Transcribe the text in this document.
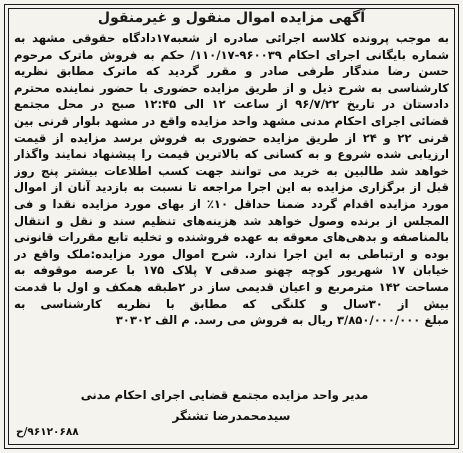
آگهی مزایده اموال منقول و غیرمنقول
به موجب پرونده کلاسه اجرائی صادره از شعبه۱۷دادگاه حقوقی مشهد به
شماره بایگانی اجرای احکام ۹۶۰۰۳۹-۱۱۰/۱۷/ حکم به فروش ماترک مرحوم
حسن رضا مندگار طرفی صادر و مقرر گردید که ماترک مطابق نظریه
کارشناسی به شرح ذیل و از طریق مزایده حضوری با حضور نماینده محترم
دادستان در تاریخ ۹۶/۷/۲۲ از ساعت ۱۲ الی ۱۲:۴۵ صبح در محل مجتمع
قضائی اجرای احکام مدنی مشهد واحد مزایده واقع در مشهد بلوار قرنی بین
قرنی ۲۲ و ۲۴ از طریق مزایده حضوری به فروش برسد مزایده از قیمت
ارزیابی شده شروع و به کسانی که بالاترین قیمت را پیشنهاد نمایند واگذار
خواهد شد طالبین به خرید می توانند جهت کسب اطلاعات بیشتر پنج روز
قبل از برگزاری مزایده به این اجرا مراجعه تا نسبت به بازدید آنان از اموال
مورد مزایده اقدام گردد ضمنا حداقل ۱۰٪ از بهای مورد مزایده نقدا و فی
المجلس از برنده وصول خواهد شد هزینه‌های تنظیم سند و نقل و انتقال
بالمناصفه و بدهی‌های معوقه به عهده فروشنده و تخلیه تابع مقررات قانونی
بوده و ارتباطی به این اجرا ندارد. شرح اموال مورد مزایده:ملک واقع در
خیابان ۱۷ شهریور کوچه چهنو صدقی ۷ پلاک ۱۷۵ با عرصه موقوفه به
مساحت ۱۴۲ مترمربع و اعیان قدیمی ساز در ۲طبقه همکف و اول با قدمت
بیش از ۳۰سال و کلنگی که مطابق با نظریه کارشناسی به
مبلغ ۳/۸۵۰/۰۰۰/۰۰۰ ریال به فروش می رسد. م الف ۳۰۳۰۲
مدیر واحد مزایده مجتمع قضایی اجرای احکام مدنی
سیدمحمدرضا تشنگر
۹۶۱۲۰۶۸۸/ح
